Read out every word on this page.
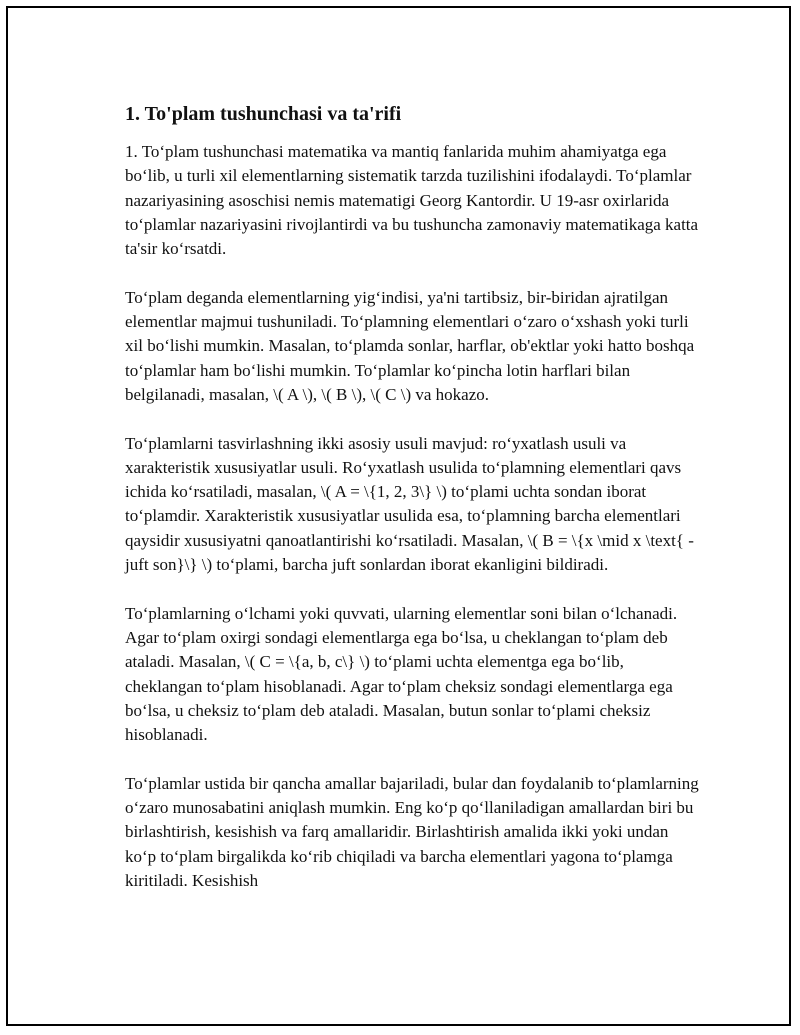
1. To'plam tushunchasi va ta'rifi

1. To‘plam tushunchasi matematika va mantiq fanlarida muhim ahamiyatga ega bo‘lib, u turli xil elementlarning sistematik tarzda tuzilishini ifodalaydi. To‘plamlar nazariyasining asoschisi nemis matematigi Georg Kantordir. U 19-asr oxirlarida to‘plamlar nazariyasini rivojlantirdi va bu tushuncha zamonaviy matematikaga katta ta'sir ko‘rsatdi.

To‘plam deganda elementlarning yig‘indisi, ya'ni tartibsiz, bir-biridan ajratilgan elementlar majmui tushuniladi. To‘plamning elementlari o‘zaro o‘xshash yoki turli xil bo‘lishi mumkin. Masalan, to‘plamda sonlar, harflar, ob'ektlar yoki hatto boshqa to‘plamlar ham bo‘lishi mumkin. To‘plamlar ko‘pincha lotin harflari bilan belgilanadi, masalan, \( A \), \( B \), \( C \) va hokazo.

To‘plamlarni tasvirlashning ikki asosiy usuli mavjud: ro‘yxatlash usuli va xarakteristik xususiyatlar usuli. Ro‘yxatlash usulida to‘plamning elementlari qavs ichida ko‘rsatiladi, masalan, \( A = \{1, 2, 3\} \) to‘plami uchta sondan iborat to‘plamdir. Xarakteristik xususiyatlar usulida esa, to‘plamning barcha elementlari qaysidir xususiyatni qanoatlantirishi ko‘rsatiladi. Masalan, \( B = \{x \mid x \text{ - juft son}\} \) to‘plami, barcha juft sonlardan iborat ekanligini bildiradi.

To‘plamlarning o‘lchami yoki quvvati, ularning elementlar soni bilan o‘lchanadi. Agar to‘plam oxirgi sondagi elementlarga ega bo‘lsa, u cheklangan to‘plam deb ataladi. Masalan, \( C = \{a, b, c\} \) to‘plami uchta elementga ega bo‘lib, cheklangan to‘plam hisoblanadi. Agar to‘plam cheksiz sondagi elementlarga ega bo‘lsa, u cheksiz to‘plam deb ataladi. Masalan, butun sonlar to‘plami cheksiz hisoblanadi.

To‘plamlar ustida bir qancha amallar bajariladi, bular dan foydalanib to‘plamlarning o‘zaro munosabatini aniqlash mumkin. Eng ko‘p qo‘llaniladigan amallardan biri bu birlashtirish, kesishish va farq amallaridir. Birlashtirish amalida ikki yoki undan ko‘p to‘plam birgalikda ko‘rib chiqiladi va barcha elementlari yagona to‘plamga kiritiladi. Kesishish
